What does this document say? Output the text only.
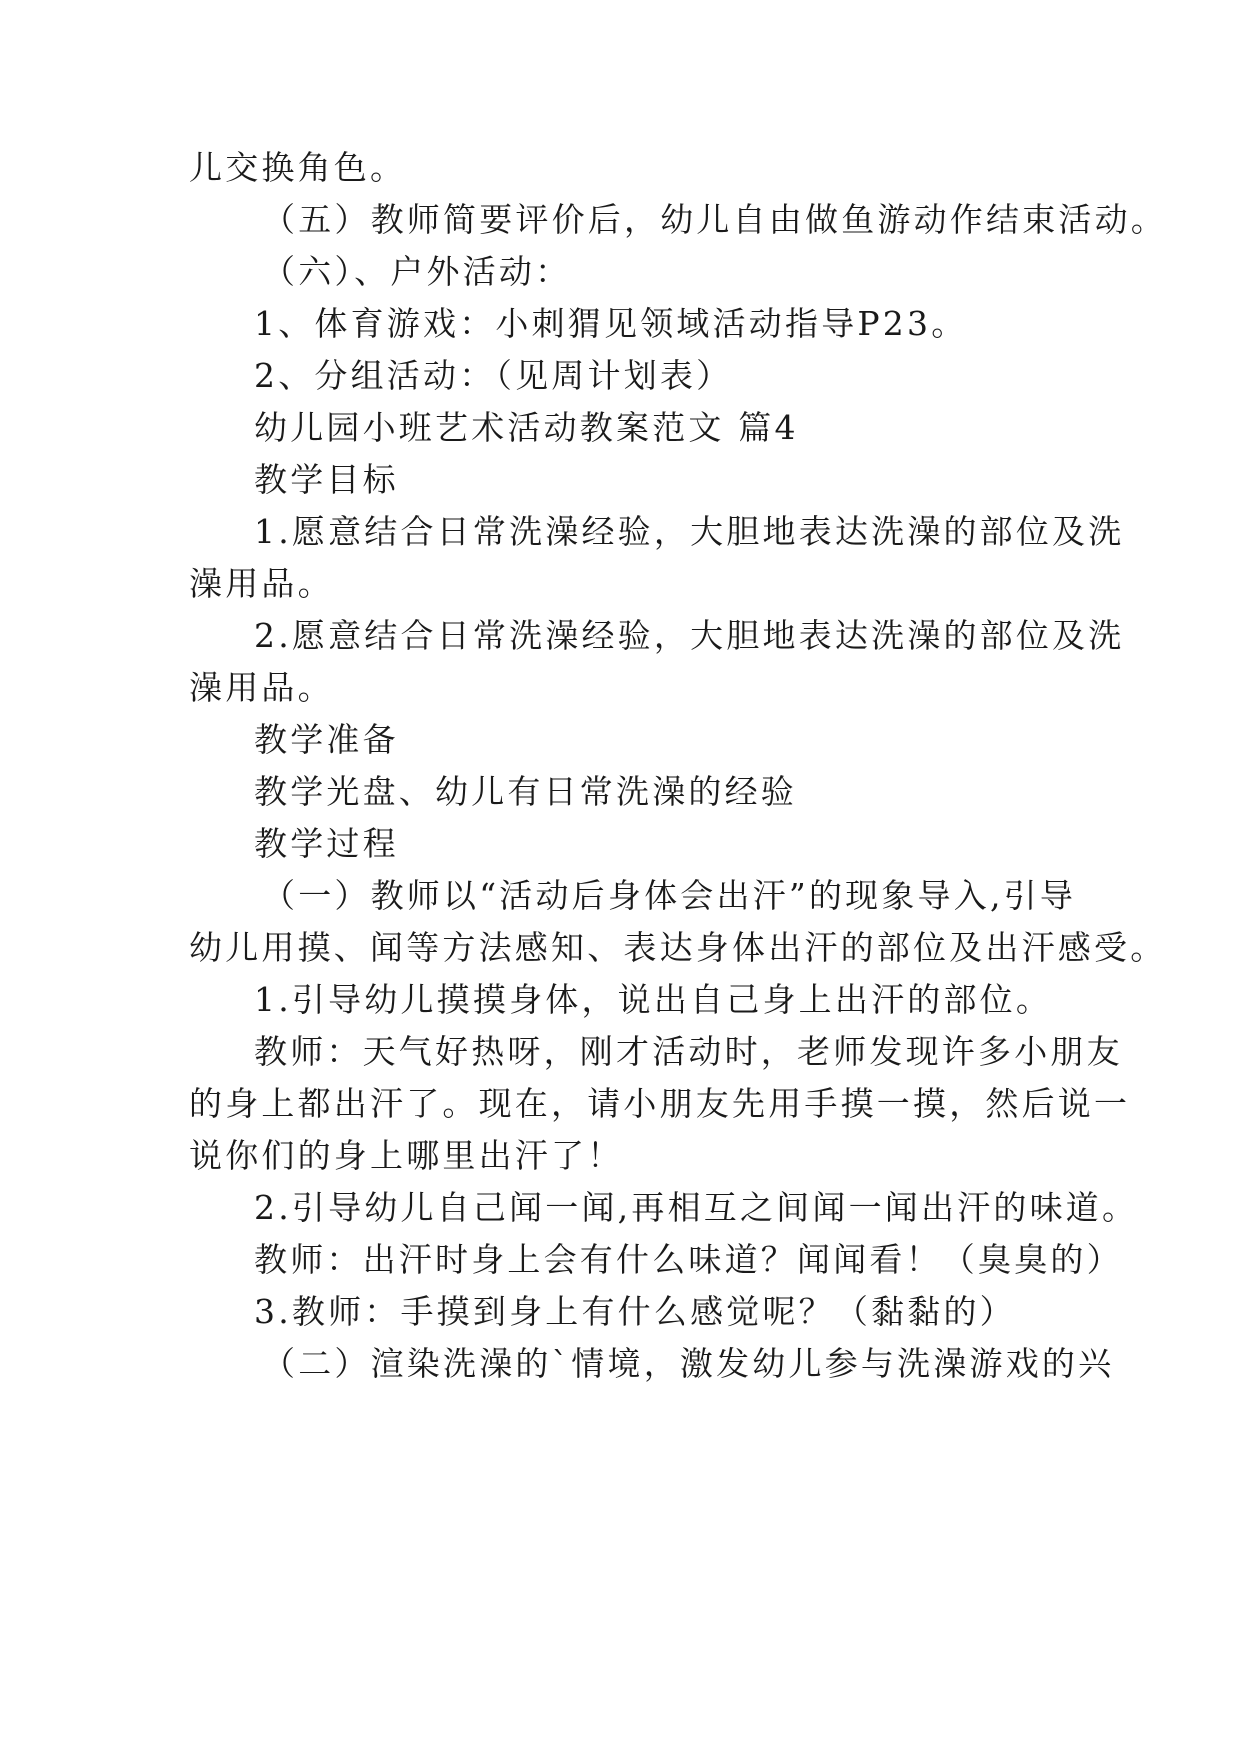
儿交换角色。
（五）教师简要评价后，幼儿自由做鱼游动作结束活动。
（六）、户外活动：
1、体育游戏：小刺猬见领域活动指导P23。
2、分组活动：（见周计划表）
幼儿园小班艺术活动教案范文 篇4
教学目标
1.愿意结合日常洗澡经验，大胆地表达洗澡的部位及洗
澡用品。
2.愿意结合日常洗澡经验，大胆地表达洗澡的部位及洗
澡用品。
教学准备
教学光盘、幼儿有日常洗澡的经验
教学过程
（一）教师以“活动后身体会出汗”的现象导入,引导
幼儿用摸、闻等方法感知、表达身体出汗的部位及出汗感受。
1.引导幼儿摸摸身体，说出自己身上出汗的部位。
教师：天气好热呀，刚才活动时，老师发现许多小朋友
的身上都出汗了。现在，请小朋友先用手摸一摸，然后说一
说你们的身上哪里出汗了！
2.引导幼儿自己闻一闻,再相互之间闻一闻出汗的味道。
教师：出汗时身上会有什么味道？闻闻看！（臭臭的）
3.教师：手摸到身上有什么感觉呢？（黏黏的）
（二）渲染洗澡的`情境，激发幼儿参与洗澡游戏的兴
